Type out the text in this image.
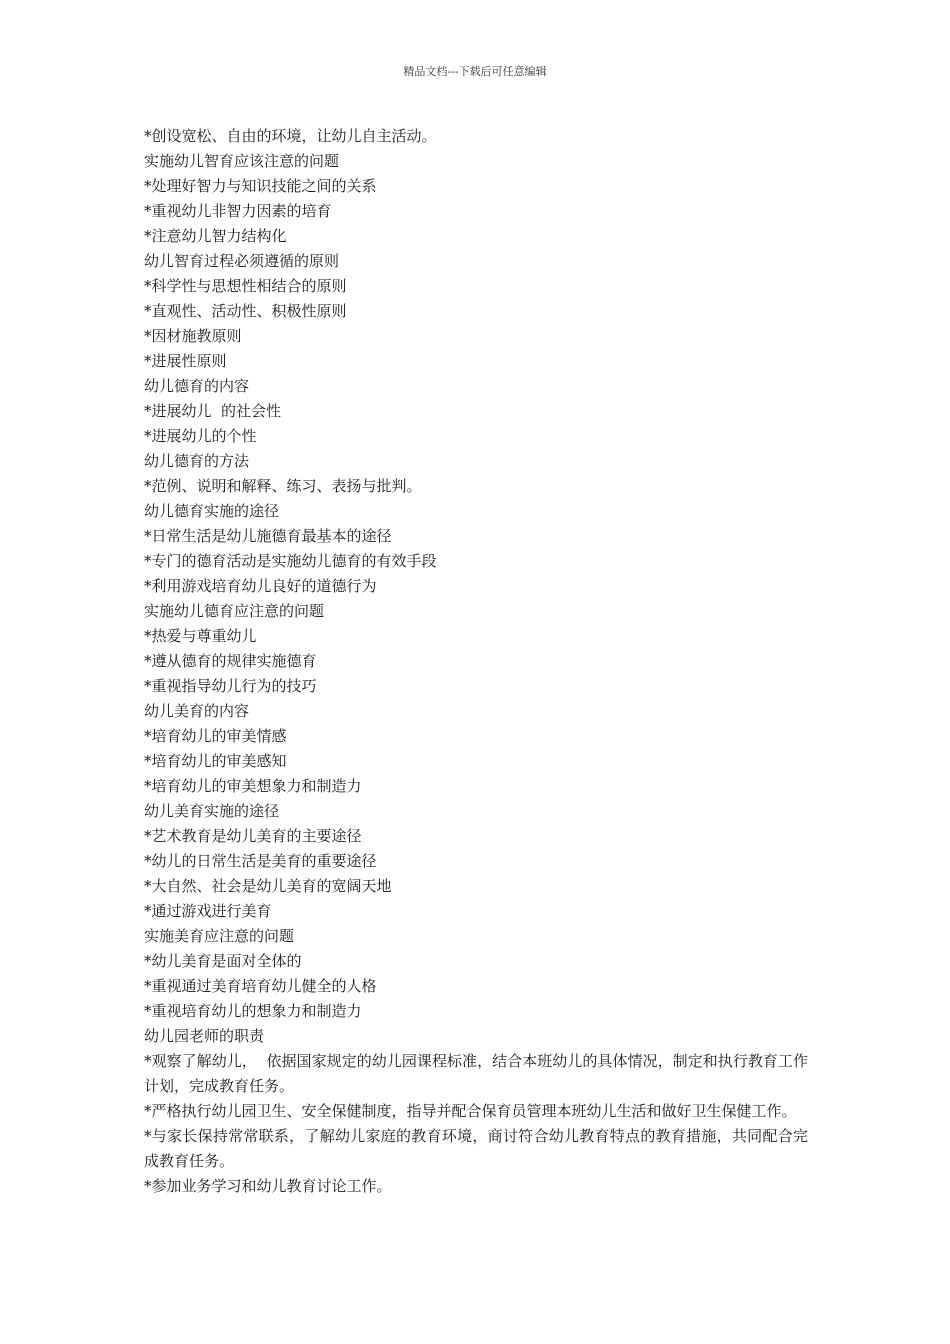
精品文档---下载后可任意编辑
*创设宽松、自由的环境，让幼儿自主活动。
实施幼儿智育应该注意的问题
*处理好智力与知识技能之间的关系
*重视幼儿非智力因素的培育
*注意幼儿智力结构化
幼儿智育过程必须遵循的原则
*科学性与思想性相结合的原则
*直观性、活动性、积极性原则
*因材施教原则
*进展性原则
幼儿德育的内容
*进展幼儿  的社会性
*进展幼儿的个性
幼儿德育的方法
*范例、说明和解释、练习、表扬与批判。
幼儿德育实施的途径
*日常生活是幼儿施德育最基本的途径
*专门的德育活动是实施幼儿德育的有效手段
*利用游戏培育幼儿良好的道德行为
实施幼儿德育应注意的问题
*热爱与尊重幼儿
*遵从德育的规律实施德育
*重视指导幼儿行为的技巧
幼儿美育的内容
*培育幼儿的审美情感
*培育幼儿的审美感知
*培育幼儿的审美想象力和制造力
幼儿美育实施的途径
*艺术教育是幼儿美育的主要途径
*幼儿的日常生活是美育的重要途径
*大自然、社会是幼儿美育的宽阔天地
*通过游戏进行美育
实施美育应注意的问题
*幼儿美育是面对全体的
*重视通过美育培育幼儿健全的人格
*重视培育幼儿的想象力和制造力
幼儿园老师的职责
*观察了解幼儿，  依据国家规定的幼儿园课程标准，结合本班幼儿的具体情况，制定和执行教育工作计划，完成教育任务。
*严格执行幼儿园卫生、安全保健制度，指导并配合保育员管理本班幼儿生活和做好卫生保健工作。
*与家长保持常常联系，了解幼儿家庭的教育环境，商讨符合幼儿教育特点的教育措施，共同配合完成教育任务。
*参加业务学习和幼儿教育讨论工作。
